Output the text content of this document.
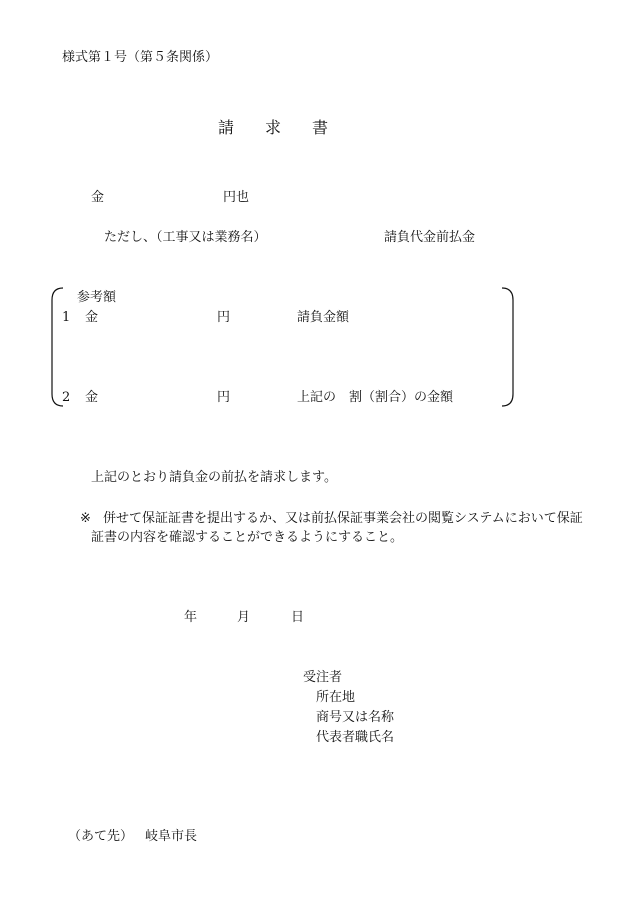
様式第１号（第５条関係）
請 求 書
金	円也
ただし、（工事又は業務名）	請負代金前払金
参考額
1 金	円	請負金額
2 金	円	上記の　割（割合）の金額
上記のとおり請負金の前払を請求します。
※ 併せて保証証書を提出するか、又は前払保証事業会社の閲覧システムにおいて保証
証書の内容を確認することができるようにすること。
年	月	日
受注者
所在地
商号又は名称
代表者職氏名
（あて先） 岐阜市長
